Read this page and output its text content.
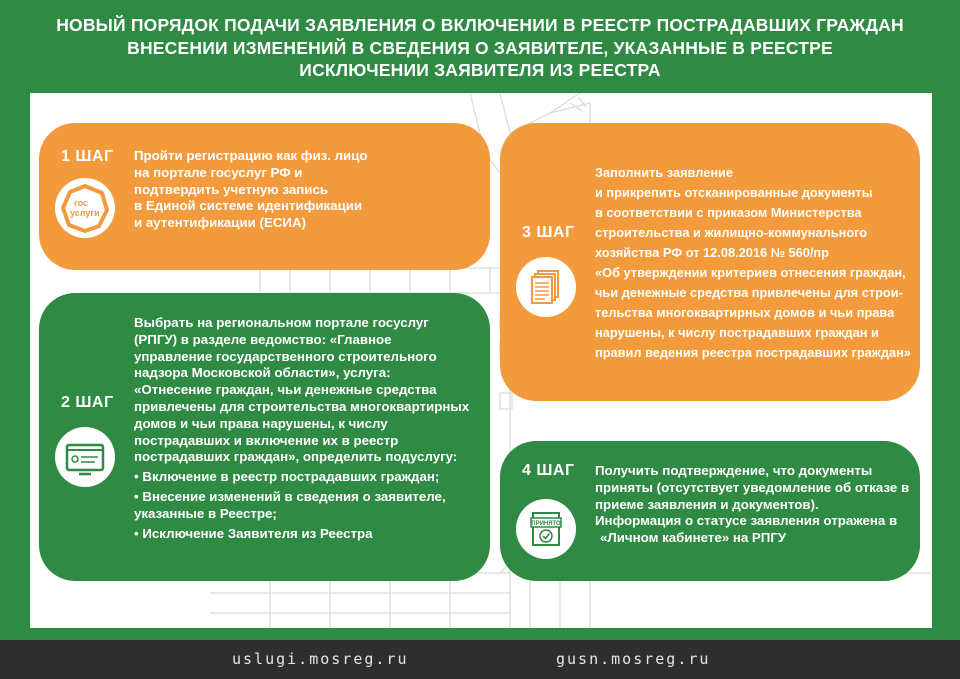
НОВЫЙ ПОРЯДОК ПОДАЧИ ЗАЯВЛЕНИЯ О ВКЛЮЧЕНИИ В РЕЕСТР ПОСТРАДАВШИХ ГРАЖДАН
ВНЕСЕНИИ ИЗМЕНЕНИЙ В СВЕДЕНИЯ О ЗАЯВИТЕЛЕ, УКАЗАННЫЕ В РЕЕСТРЕ
ИСКЛЮЧЕНИИ ЗАЯВИТЕЛЯ ИЗ РЕЕСТРА
1 ШАГ
гос
услуги

Пройти регистрацию как физ. лицо

на портале госуслуг РФ и

подтвердить учетную запись

в Единой системе идентификации

и аутентификации (ЕСИА)

2 ШАГ

Выбрать на региональном портале госуслуг

(РПГУ) в разделе ведомство: «Главное

управление государственного строительного

надзора Московской области», услуга:

«Отнесение граждан, чьи денежные средства

привлечены для строительства многоквартирных

домов и чьи права нарушены, к числу

пострадавших и включение их в реестр

пострадавших граждан», определить подуслугу:

• Включение в реестр пострадавших граждан;

• Внесение изменений в сведения о заявителе,

указанные в Реестре;

• Исключение Заявителя из Реестра

3 ШАГ

Заполнить заявление

и прикрепить отсканированные документы

в соответствии с приказом Министерства

строительства и жилищно-коммунального

хозяйства РФ от 12.08.2016 № 560/пр

«Об утверждении критериев отнесения граждан,

чьи денежные средства привлечены для строи-

тельства многоквартирных домов и чьи права

нарушены, к числу пострадавших граждан и

правил ведения реестра пострадавших граждан»

4 ШАГ
ПРИНЯТО

Получить подтверждение, что документы

приняты (отсутствует уведомление об отказе в

приеме заявления и документов).

Информация о статусе заявления отражена в

«Личном кабинете» на РПГУ

uslugi.mosreg.ru	gusn.mosreg.ru
